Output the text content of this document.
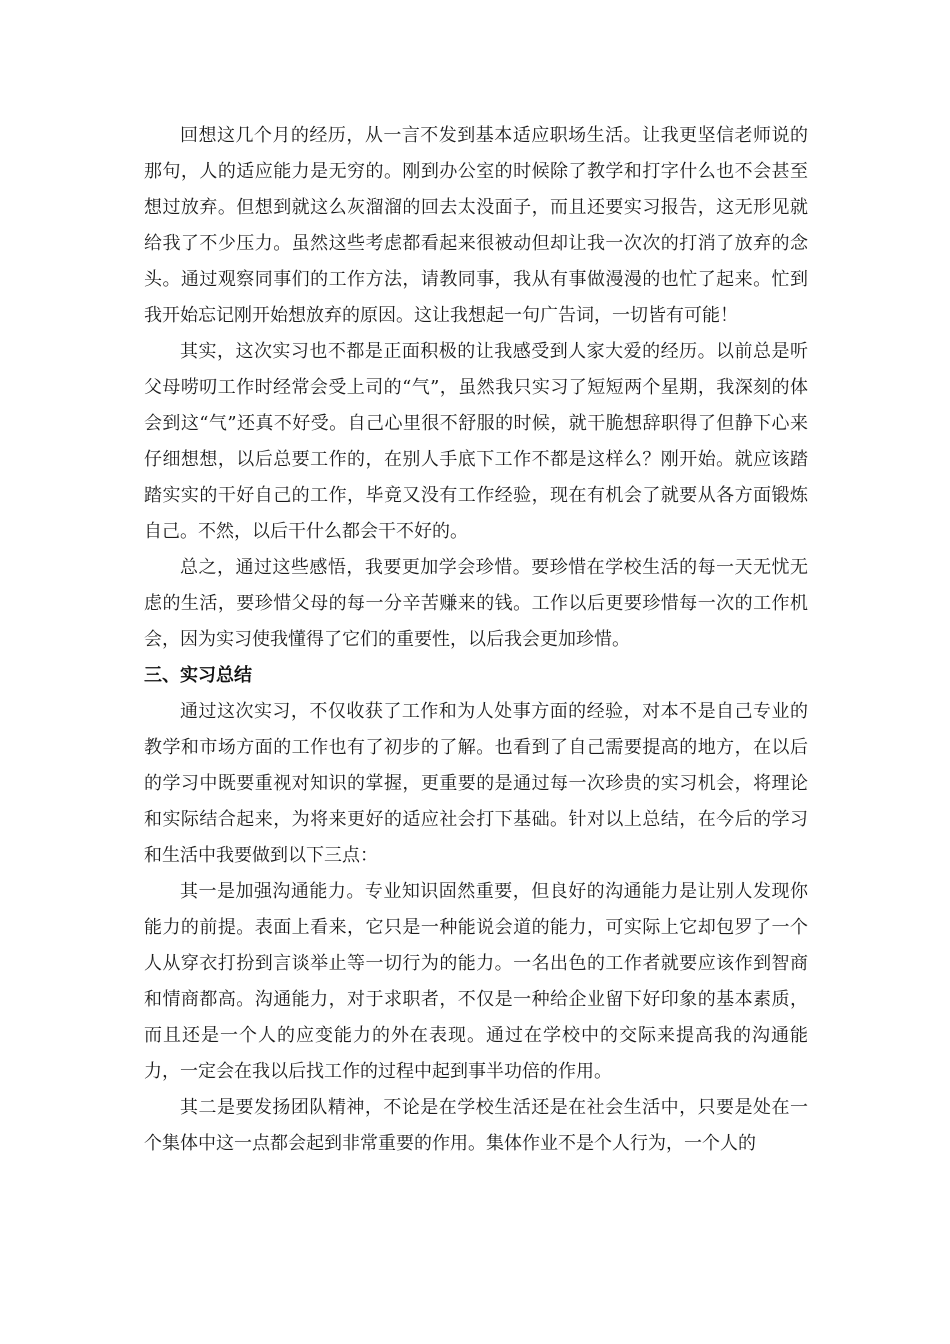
回想这几个月的经历，从一言不发到基本适应职场生活。让我更坚信老师说的那句，人的适应能力是无穷的。刚到办公室的时候除了教学和打字什么也不会甚至想过放弃。但想到就这么灰溜溜的回去太没面子，而且还要实习报告，这无形见就给我了不少压力。虽然这些考虑都看起来很被动但却让我一次次的打消了放弃的念头。通过观察同事们的工作方法，请教同事，我从有事做漫漫的也忙了起来。忙到我开始忘记刚开始想放弃的原因。这让我想起一句广告词，一切皆有可能！

其实，这次实习也不都是正面积极的让我感受到人家大爱的经历。以前总是听父母唠叨工作时经常会受上司的“气”，虽然我只实习了短短两个星期，我深刻的体会到这“气”还真不好受。自己心里很不舒服的时候，就干脆想辞职得了但静下心来仔细想想，以后总要工作的，在别人手底下工作不都是这样么？刚开始。就应该踏踏实实的干好自己的工作，毕竟又没有工作经验，现在有机会了就要从各方面锻炼自己。不然，以后干什么都会干不好的。

总之，通过这些感悟，我要更加学会珍惜。要珍惜在学校生活的每一天无忧无虑的生活，要珍惜父母的每一分辛苦赚来的钱。工作以后更要珍惜每一次的工作机会，因为实习使我懂得了它们的重要性，以后我会更加珍惜。

三、实习总结

通过这次实习，不仅收获了工作和为人处事方面的经验，对本不是自己专业的教学和市场方面的工作也有了初步的了解。也看到了自己需要提高的地方，在以后的学习中既要重视对知识的掌握，更重要的是通过每一次珍贵的实习机会，将理论和实际结合起来，为将来更好的适应社会打下基础。针对以上总结，在今后的学习和生活中我要做到以下三点：

其一是加强沟通能力。专业知识固然重要，但良好的沟通能力是让别人发现你能力的前提。表面上看来，它只是一种能说会道的能力，可实际上它却包罗了一个人从穿衣打扮到言谈举止等一切行为的能力。一名出色的工作者就要应该作到智商和情商都高。沟通能力，对于求职者，不仅是一种给企业留下好印象的基本素质，而且还是一个人的应变能力的外在表现。通过在学校中的交际来提高我的沟通能力，一定会在我以后找工作的过程中起到事半功倍的作用。

其二是要发扬团队精神，不论是在学校生活还是在社会生活中，只要是处在一个集体中这一点都会起到非常重要的作用。集体作业不是个人行为，一个人的
